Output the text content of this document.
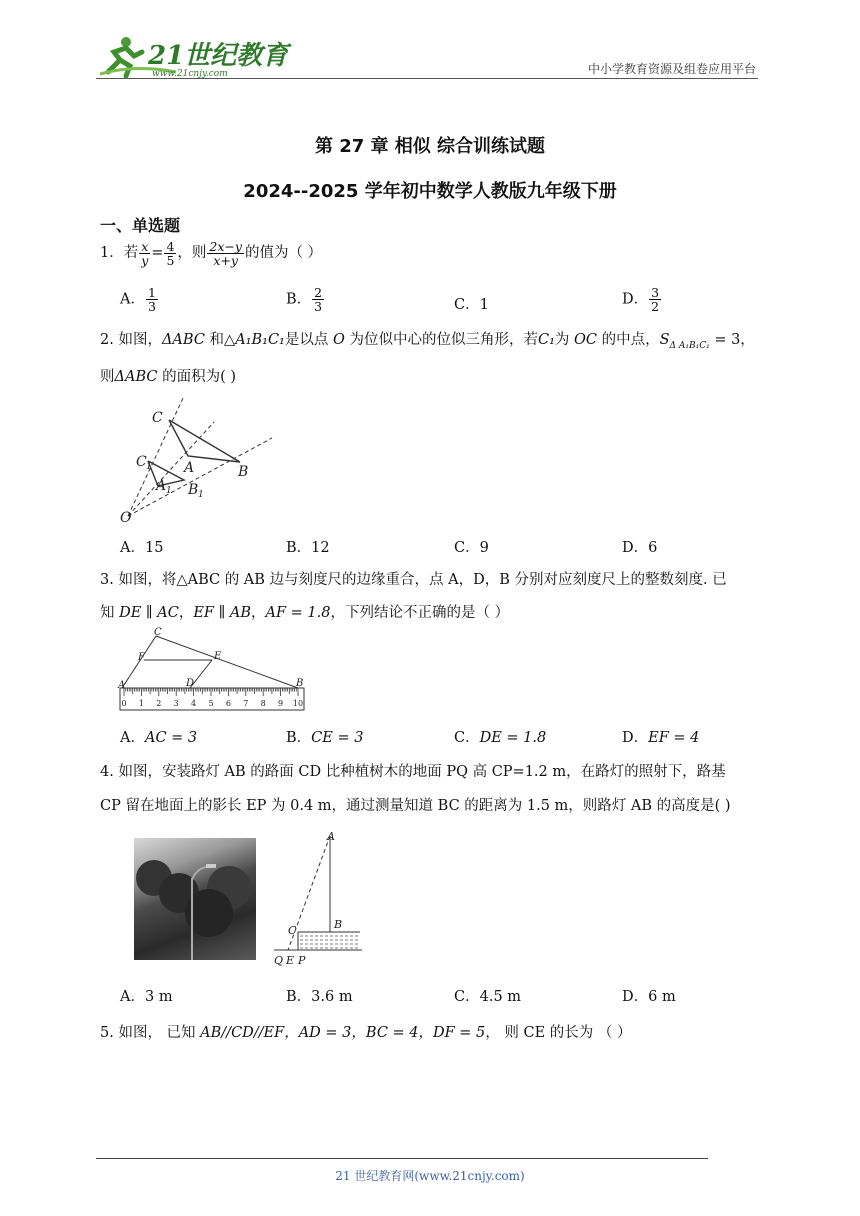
21世纪教育
www.21cnjy.com	中小学教育资源及组卷应用平台
第 27 章 相似 综合训练试题
2024--2025 学年初中数学人教版九年级下册
一、单选题
1．若 $\frac{x}{y} = \frac{4}{5}$ ，则 $\frac{2x-y}{x+y}$ 的值为（ ）
A． $\frac{1}{3}$	B． $\frac{2}{3}$	C．1	D． $\frac{3}{2}$
2. 如图，ΔABC 和△A₁B₁C₁是以点 O 为位似中心的位似三角形，若C₁为 OC 的中点，$S_{\Delta A_1B_1C_1} = 3$，
则ΔABC 的面积为( )
C
C 1 A
A 1
B
B 1
O
A．15	B．12	C．9	D．6
3. 如图，将△ABC 的 AB 边与刻度尺的边缘重合，点 A，D，B 分别对应刻度尺上的整数刻度. 已
知 DE ∥ AC，EF ∥ AB，AF = 1.8，下列结论不正确的是（ ）
0 1 2 3 4 5 6 7 8 9 10
C
F	E
A	D	B
A．AC = 3	B．CE = 3	C．DE = 1.8	D．EF = 4
4. 如图，安装路灯 AB 的路面 CD 比种植树木的地面 PQ 高 CP=1.2 m，在路灯的照射下，路基
CP 留在地面上的影长 EP 为 0.4 m，通过测量知道 BC 的距离为 1.5 m，则路灯 AB 的高度是( )
A
B
C
Q E P
A．3 m	B．3.6 m	C．4.5 m	D．6 m
5. 如图， 已知 AB//CD//EF，AD = 3，BC = 4，DF = 5， 则 CE 的长为 （ ）
21 世纪教育网(www.21cnjy.com)
